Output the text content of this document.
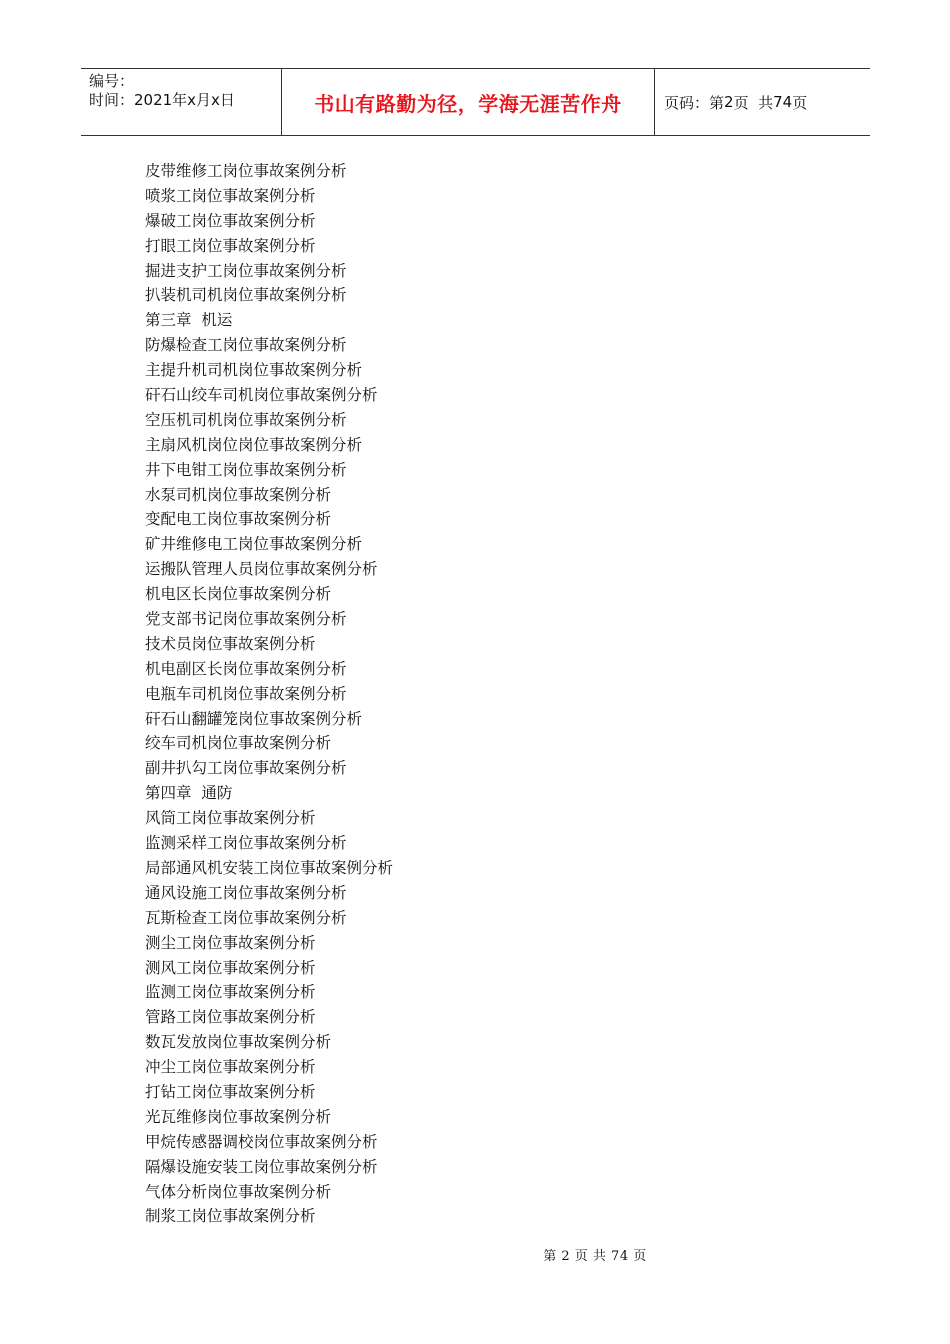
编号：
时间：2021年x月x日	书山有路勤为径，学海无涯苦作舟	页码：第 2 页  共 74 页
皮带维修工岗位事故案例分析
喷浆工岗位事故案例分析
爆破工岗位事故案例分析
打眼工岗位事故案例分析
掘进支护工岗位事故案例分析
扒装机司机岗位事故案例分析
第三章  机运
防爆检查工岗位事故案例分析
主提升机司机岗位事故案例分析
矸石山绞车司机岗位事故案例分析
空压机司机岗位事故案例分析
主扇风机岗位岗位事故案例分析
井下电钳工岗位事故案例分析
水泵司机岗位事故案例分析
变配电工岗位事故案例分析
矿井维修电工岗位事故案例分析
运搬队管理人员岗位事故案例分析
机电区长岗位事故案例分析
党支部书记岗位事故案例分析
技术员岗位事故案例分析
机电副区长岗位事故案例分析
电瓶车司机岗位事故案例分析
矸石山翻罐笼岗位事故案例分析
绞车司机岗位事故案例分析
副井扒勾工岗位事故案例分析
第四章  通防
风筒工岗位事故案例分析
监测采样工岗位事故案例分析
局部通风机安装工岗位事故案例分析
通风设施工岗位事故案例分析
瓦斯检查工岗位事故案例分析
测尘工岗位事故案例分析
测风工岗位事故案例分析
监测工岗位事故案例分析
管路工岗位事故案例分析
数瓦发放岗位事故案例分析
冲尘工岗位事故案例分析
打钻工岗位事故案例分析
光瓦维修岗位事故案例分析
甲烷传感器调校岗位事故案例分析
隔爆设施安装工岗位事故案例分析
气体分析岗位事故案例分析
制浆工岗位事故案例分析
第 2 页 共 74 页
